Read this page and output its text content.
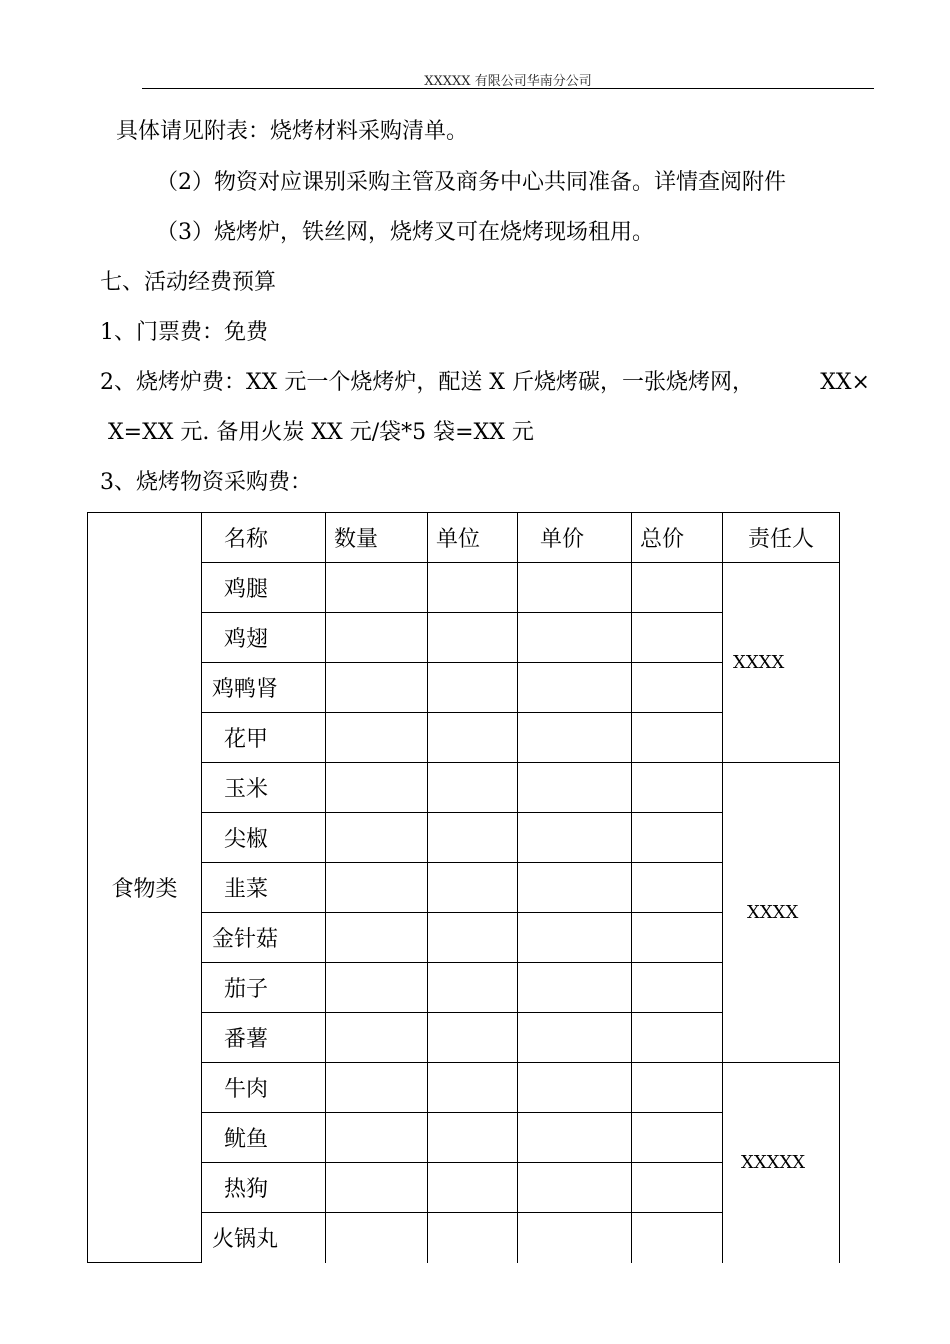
XXXXX 有限公司华南分公司
具体请见附表：烧烤材料采购清单。
（2）物资对应课别采购主管及商务中心共同准备。详情查阅附件
（3）烧烤炉，铁丝网，烧烤叉可在烧烤现场租用。
七、活动经费预算
1、门票费：免费
2、烧烤炉费：XX 元一个烧烤炉，配送 X 斤烧烤碳，一张烧烤网，	XX×
X=XX 元. 备用火炭 XX 元/袋*5 袋=XX 元
3、烧烤物资采购费：
食物类	名称	数量	单位	单价	总价	责任人
	鸡腿					XXXX
	鸡翅					
	鸡鸭肾					
	花甲					
	玉米					XXXX
	尖椒					
	韭菜					
	金针菇					
	茄子					
	番薯					
	牛肉					XXXXX
	鱿鱼					
	热狗					
	火锅丸					
